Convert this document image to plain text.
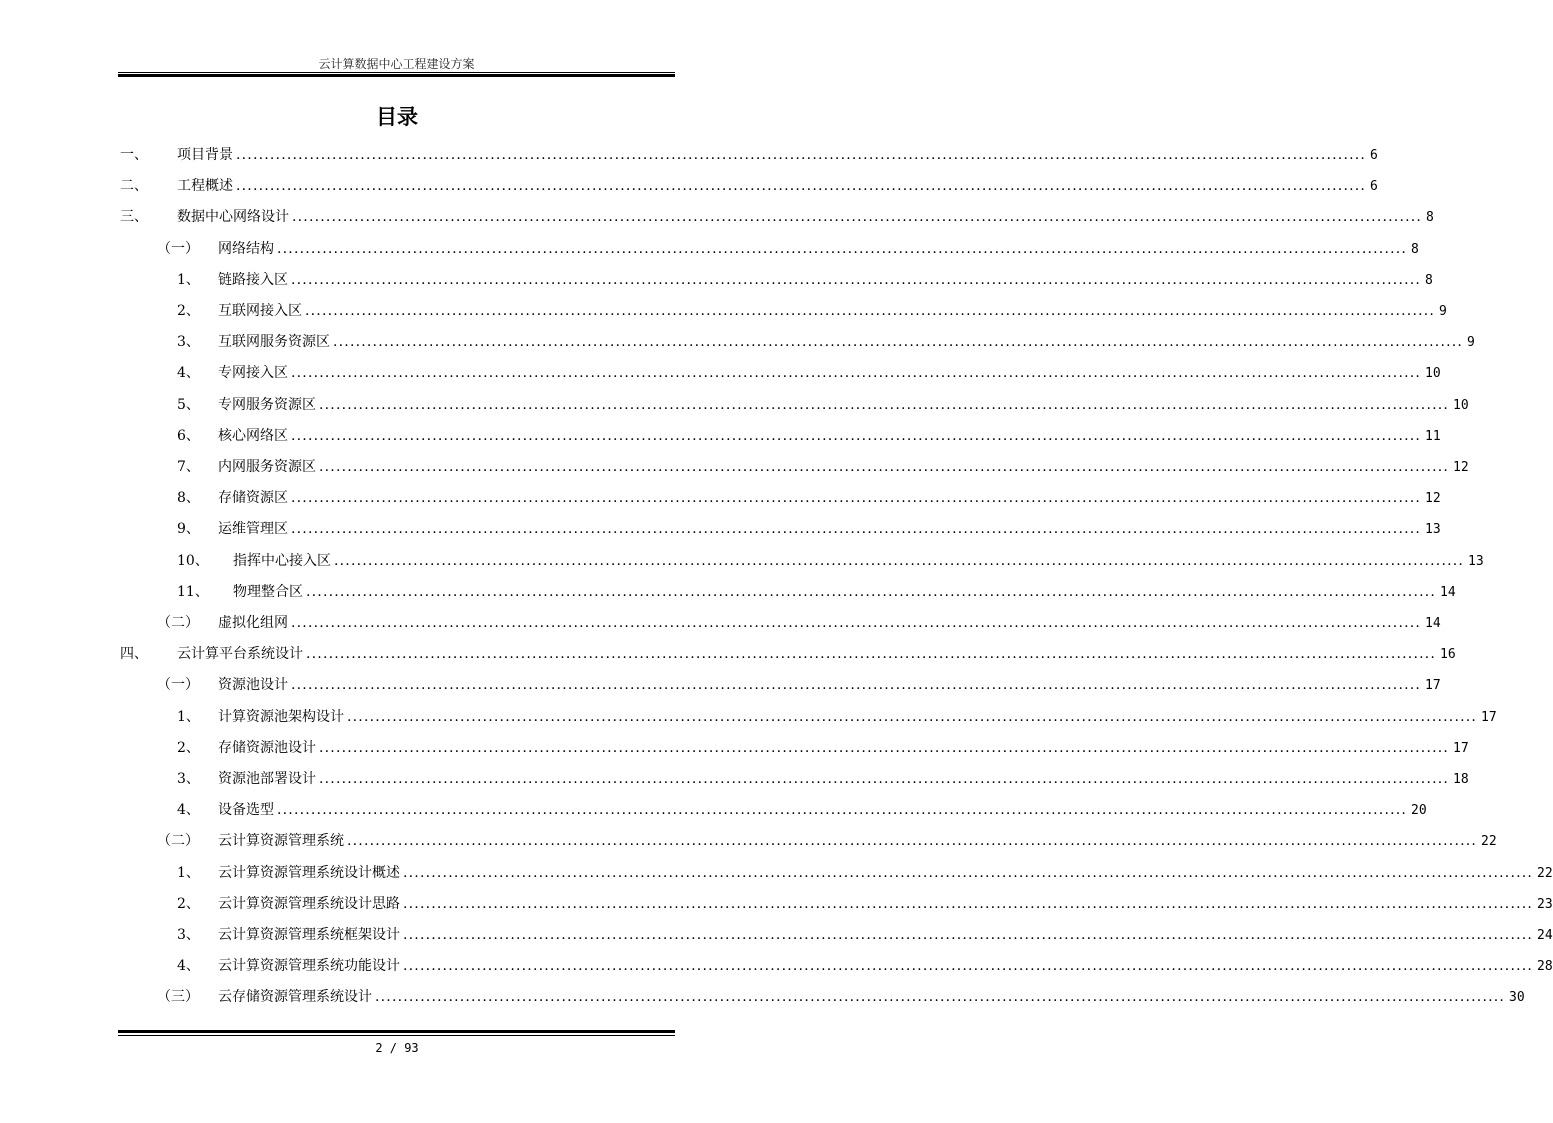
云计算数据中心工程建设方案
目录
一、 项目背景 ........................................................................................................................................................................................................ 6
二、 工程概述 ........................................................................................................................................................................................................ 6
三、 数据中心网络设计 ........................................................................................................................................................................................................ 8
（一） 网络结构 ........................................................................................................................................................................................................ 8
1、 链路接入区 ........................................................................................................................................................................................................ 8
2、 互联网接入区 ........................................................................................................................................................................................................ 9
3、 互联网服务资源区 ........................................................................................................................................................................................................ 9
4、 专网接入区 ........................................................................................................................................................................................................ 10
5、 专网服务资源区 ........................................................................................................................................................................................................ 10
6、 核心网络区 ........................................................................................................................................................................................................ 11
7、 内网服务资源区 ........................................................................................................................................................................................................ 12
8、 存储资源区 ........................................................................................................................................................................................................ 12
9、 运维管理区 ........................................................................................................................................................................................................ 13
10、 指挥中心接入区 ........................................................................................................................................................................................................ 13
11、 物理整合区 ........................................................................................................................................................................................................ 14
（二） 虚拟化组网 ........................................................................................................................................................................................................ 14
四、 云计算平台系统设计 ........................................................................................................................................................................................................ 16
（一） 资源池设计 ........................................................................................................................................................................................................ 17
1、 计算资源池架构设计 ........................................................................................................................................................................................................ 17
2、 存储资源池设计 ........................................................................................................................................................................................................ 17
3、 资源池部署设计 ........................................................................................................................................................................................................ 18
4、 设备选型 ........................................................................................................................................................................................................ 20
（二） 云计算资源管理系统 ........................................................................................................................................................................................................ 22
1、 云计算资源管理系统设计概述 ........................................................................................................................................................................................................ 22
2、 云计算资源管理系统设计思路 ........................................................................................................................................................................................................ 23
3、 云计算资源管理系统框架设计 ........................................................................................................................................................................................................ 24
4、 云计算资源管理系统功能设计 ........................................................................................................................................................................................................ 28
（三） 云存储资源管理系统设计 ........................................................................................................................................................................................................ 30
2 / 93
